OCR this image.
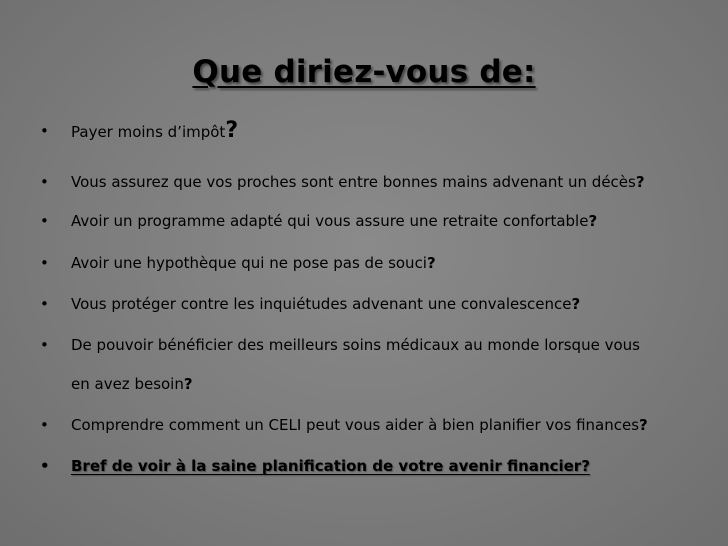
Que diriez-vous de:
• Payer moins d’impôt?
• Vous assurez que vos proches sont entre bonnes mains advenant un décès?
• Avoir un programme adapté qui vous assure une retraite confortable?
• Avoir une hypothèque qui ne pose pas de souci?
• Vous protéger contre les inquiétudes advenant une convalescence?
• De pouvoir bénéficier des meilleurs soins médicaux au monde lorsque vous
en avez besoin?
• Comprendre comment un CELI peut vous aider à bien planifier vos finances?
• Bref de voir à la saine planification de votre avenir financier?
